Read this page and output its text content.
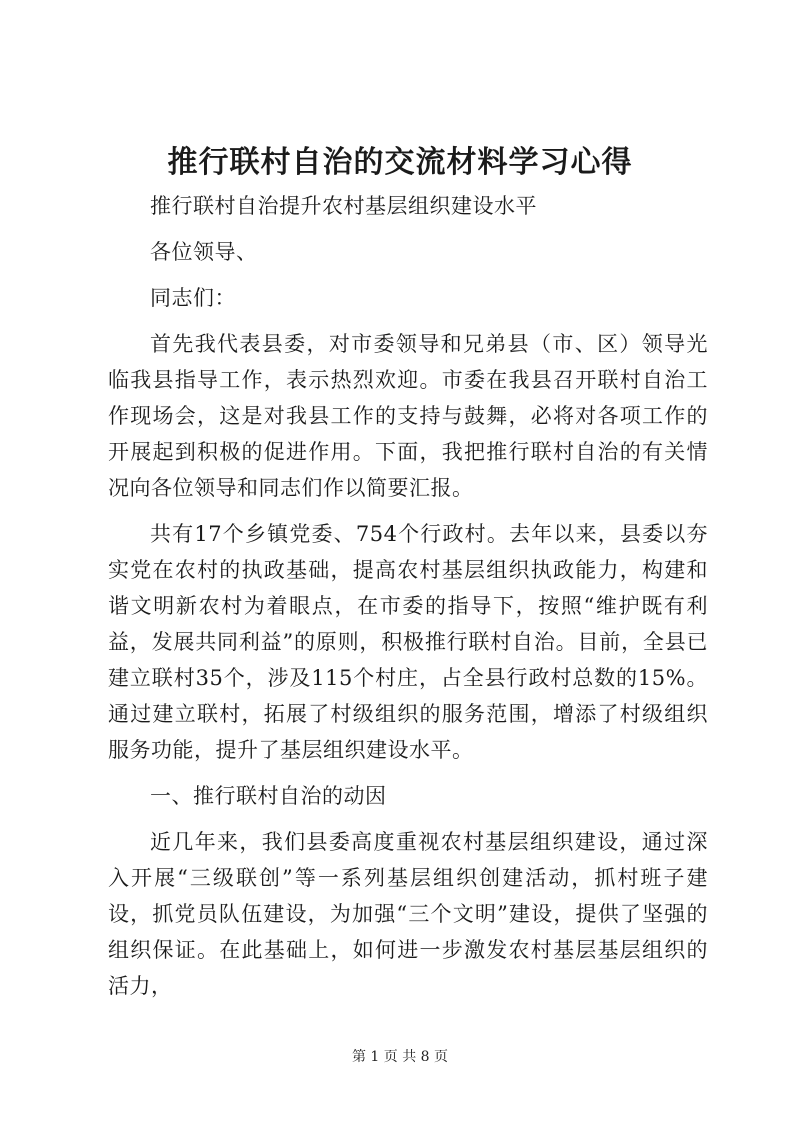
推行联村自治的交流材料学习心得

推行联村自治提升农村基层组织建设水平

各位领导、

同志们：

首先我代表县委，对市委领导和兄弟县（市、区）领导光临我县指导工作，表示热烈欢迎。市委在我县召开联村自治工作现场会，这是对我县工作的支持与鼓舞，必将对各项工作的开展起到积极的促进作用。下面，我把推行联村自治的有关情况向各位领导和同志们作以简要汇报。

共有17个乡镇党委、754个行政村。去年以来，县委以夯实党在农村的执政基础，提高农村基层组织执政能力，构建和谐文明新农村为着眼点，在市委的指导下，按照“维护既有利益，发展共同利益”的原则，积极推行联村自治。目前，全县已建立联村35个，涉及115个村庄，占全县行政村总数的15%。通过建立联村，拓展了村级组织的服务范围，增添了村级组织服务功能，提升了基层组织建设水平。

一、推行联村自治的动因

近几年来，我们县委高度重视农村基层组织建设，通过深入开展“三级联创”等一系列基层组织创建活动，抓村班子建设，抓党员队伍建设，为加强“三个文明”建设，提供了坚强的组织保证。在此基础上，如何进一步激发农村基层基层组织的活力，

第 1 页 共 8 页
